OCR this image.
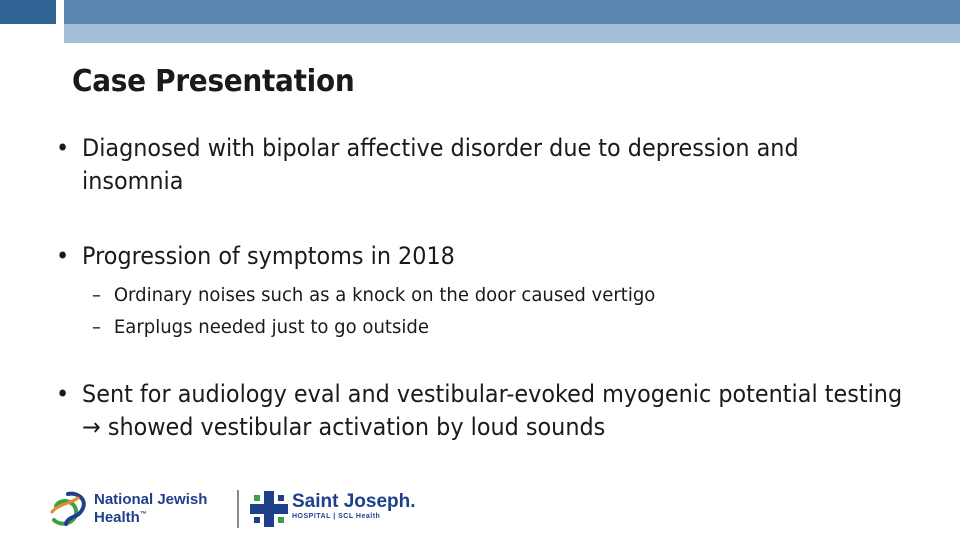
Case Presentation
• Diagnosed with bipolar affective disorder due to depression and insomnia
• Progression of symptoms in 2018
– Ordinary noises such as a knock on the door caused vertigo
– Earplugs needed just to go outside
• Sent for audiology eval and vestibular-evoked myogenic potential testing → showed vestibular activation by loud sounds
National Jewish
Health™
Saint Joseph.
HOSPITAL | SCL Health
